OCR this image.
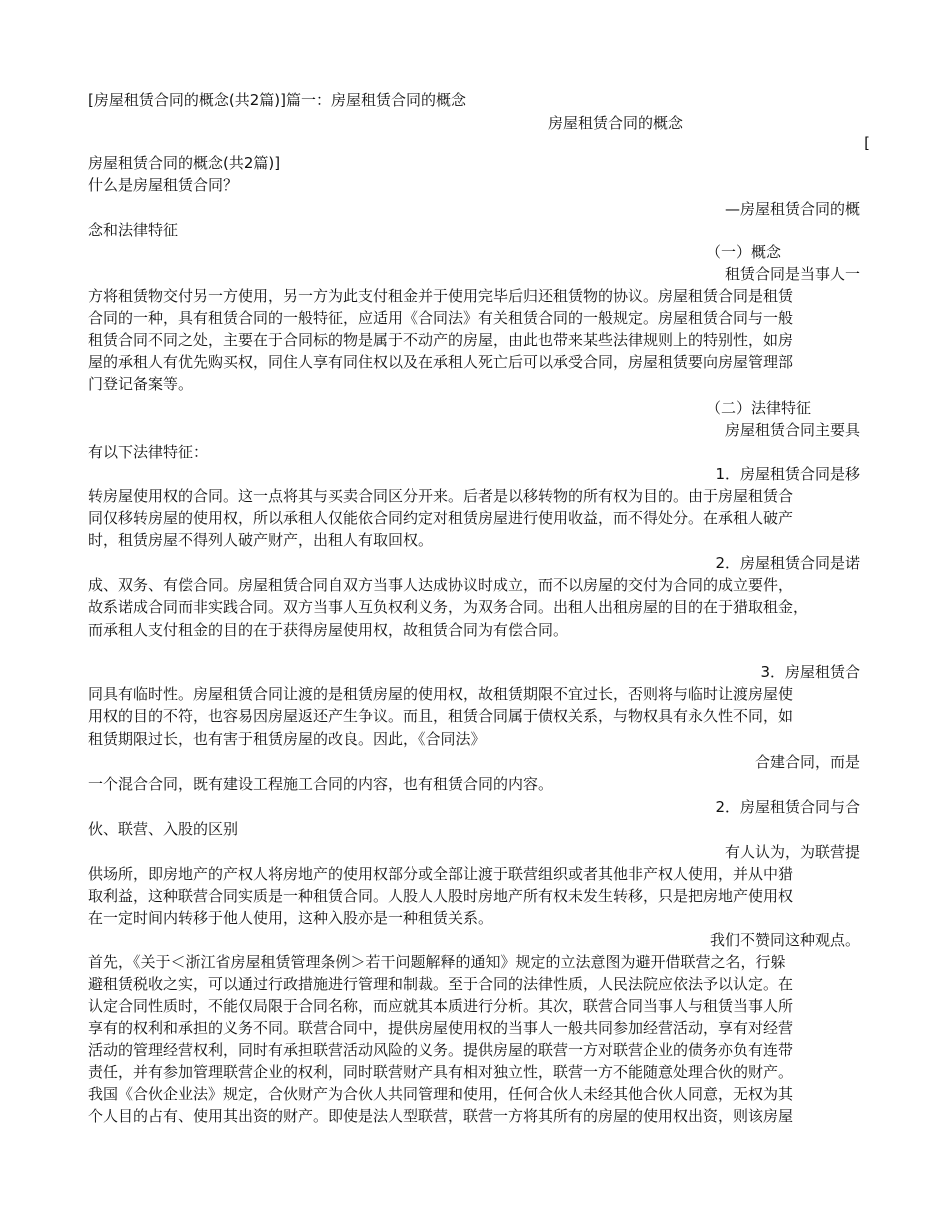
[房屋租赁合同的概念(共2篇)]篇一：房屋租赁合同的概念
房屋租赁合同的概念
[
房屋租赁合同的概念(共2篇)]
什么是房屋租赁合同？
—房屋租赁合同的概
念和法律特征
（一）概念
租赁合同是当事人一
方将租赁物交付另一方使用，另一方为此支付租金并于使用完毕后归还租赁物的协议。房屋租赁合同是租赁
合同的一种，具有租赁合同的一般特征，应适用《合同法》有关租赁合同的一般规定。房屋租赁合同与一般
租赁合同不同之处，主要在于合同标的物是属于不动产的房屋，由此也带来某些法律规则上的特别性，如房
屋的承租人有优先购买权，同住人享有同住权以及在承租人死亡后可以承受合同，房屋租赁要向房屋管理部
门登记备案等。
（二）法律特征
房屋租赁合同主要具
有以下法律特征：
1．房屋租赁合同是移
转房屋使用权的合同。这一点将其与买卖合同区分开来。后者是以移转物的所有权为目的。由于房屋租赁合
同仅移转房屋的使用权，所以承租人仅能依合同约定对租赁房屋进行使用收益，而不得处分。在承租人破产
时，租赁房屋不得列人破产财产，出租人有取回权。
2．房屋租赁合同是诺
成、双务、有偿合同。房屋租赁合同自双方当事人达成协议时成立，而不以房屋的交付为合同的成立要件，
故系诺成合同而非实践合同。双方当事人互负权利义务，为双务合同。出租人出租房屋的目的在于猎取租金，
而承租人支付租金的目的在于获得房屋使用权，故租赁合同为有偿合同。
3．房屋租赁合
同具有临时性。房屋租赁合同让渡的是租赁房屋的使用权，故租赁期限不宜过长，否则将与临时让渡房屋使
用权的目的不符，也容易因房屋返还产生争议。而且，租赁合同属于债权关系，与物权具有永久性不同，如
租赁期限过长，也有害于租赁房屋的改良。因此，《合同法》
合建合同，而是
一个混合合同，既有建设工程施工合同的内容，也有租赁合同的内容。
2．房屋租赁合同与合
伙、联营、入股的区别
有人认为，为联营提
供场所，即房地产的产权人将房地产的使用权部分或全部让渡于联营组织或者其他非产权人使用，并从中猎
取利益，这种联营合同实质是一种租赁合同。人股人人股时房地产所有权未发生转移，只是把房地产使用权
在一定时间内转移于他人使用，这种入股亦是一种租赁关系。
我们不赞同这种观点。
首先，《关于＜浙江省房屋租赁管理条例＞若干问题解释的通知》规定的立法意图为避开借联营之名，行躲
避租赁税收之实，可以通过行政措施进行管理和制裁。至于合同的法律性质，人民法院应依法予以认定。在
认定合同性质时，不能仅局限于合同名称，而应就其本质进行分析。其次，联营合同当事人与租赁当事人所
享有的权利和承担的义务不同。联营合同中，提供房屋使用权的当事人一般共同参加经营活动，享有对经营
活动的管理经营权利，同时有承担联营活动风险的义务。提供房屋的联营一方对联营企业的债务亦负有连带
责任，并有参加管理联营企业的权利，同时联营财产具有相对独立性，联营一方不能随意处理合伙的财产。
我国《合伙企业法》规定，合伙财产为合伙人共同管理和使用，任何合伙人未经其他合伙人同意，无权为其
个人目的占有、使用其出资的财产。即使是法人型联营，联营一方将其所有的房屋的使用权出资，则该房屋
